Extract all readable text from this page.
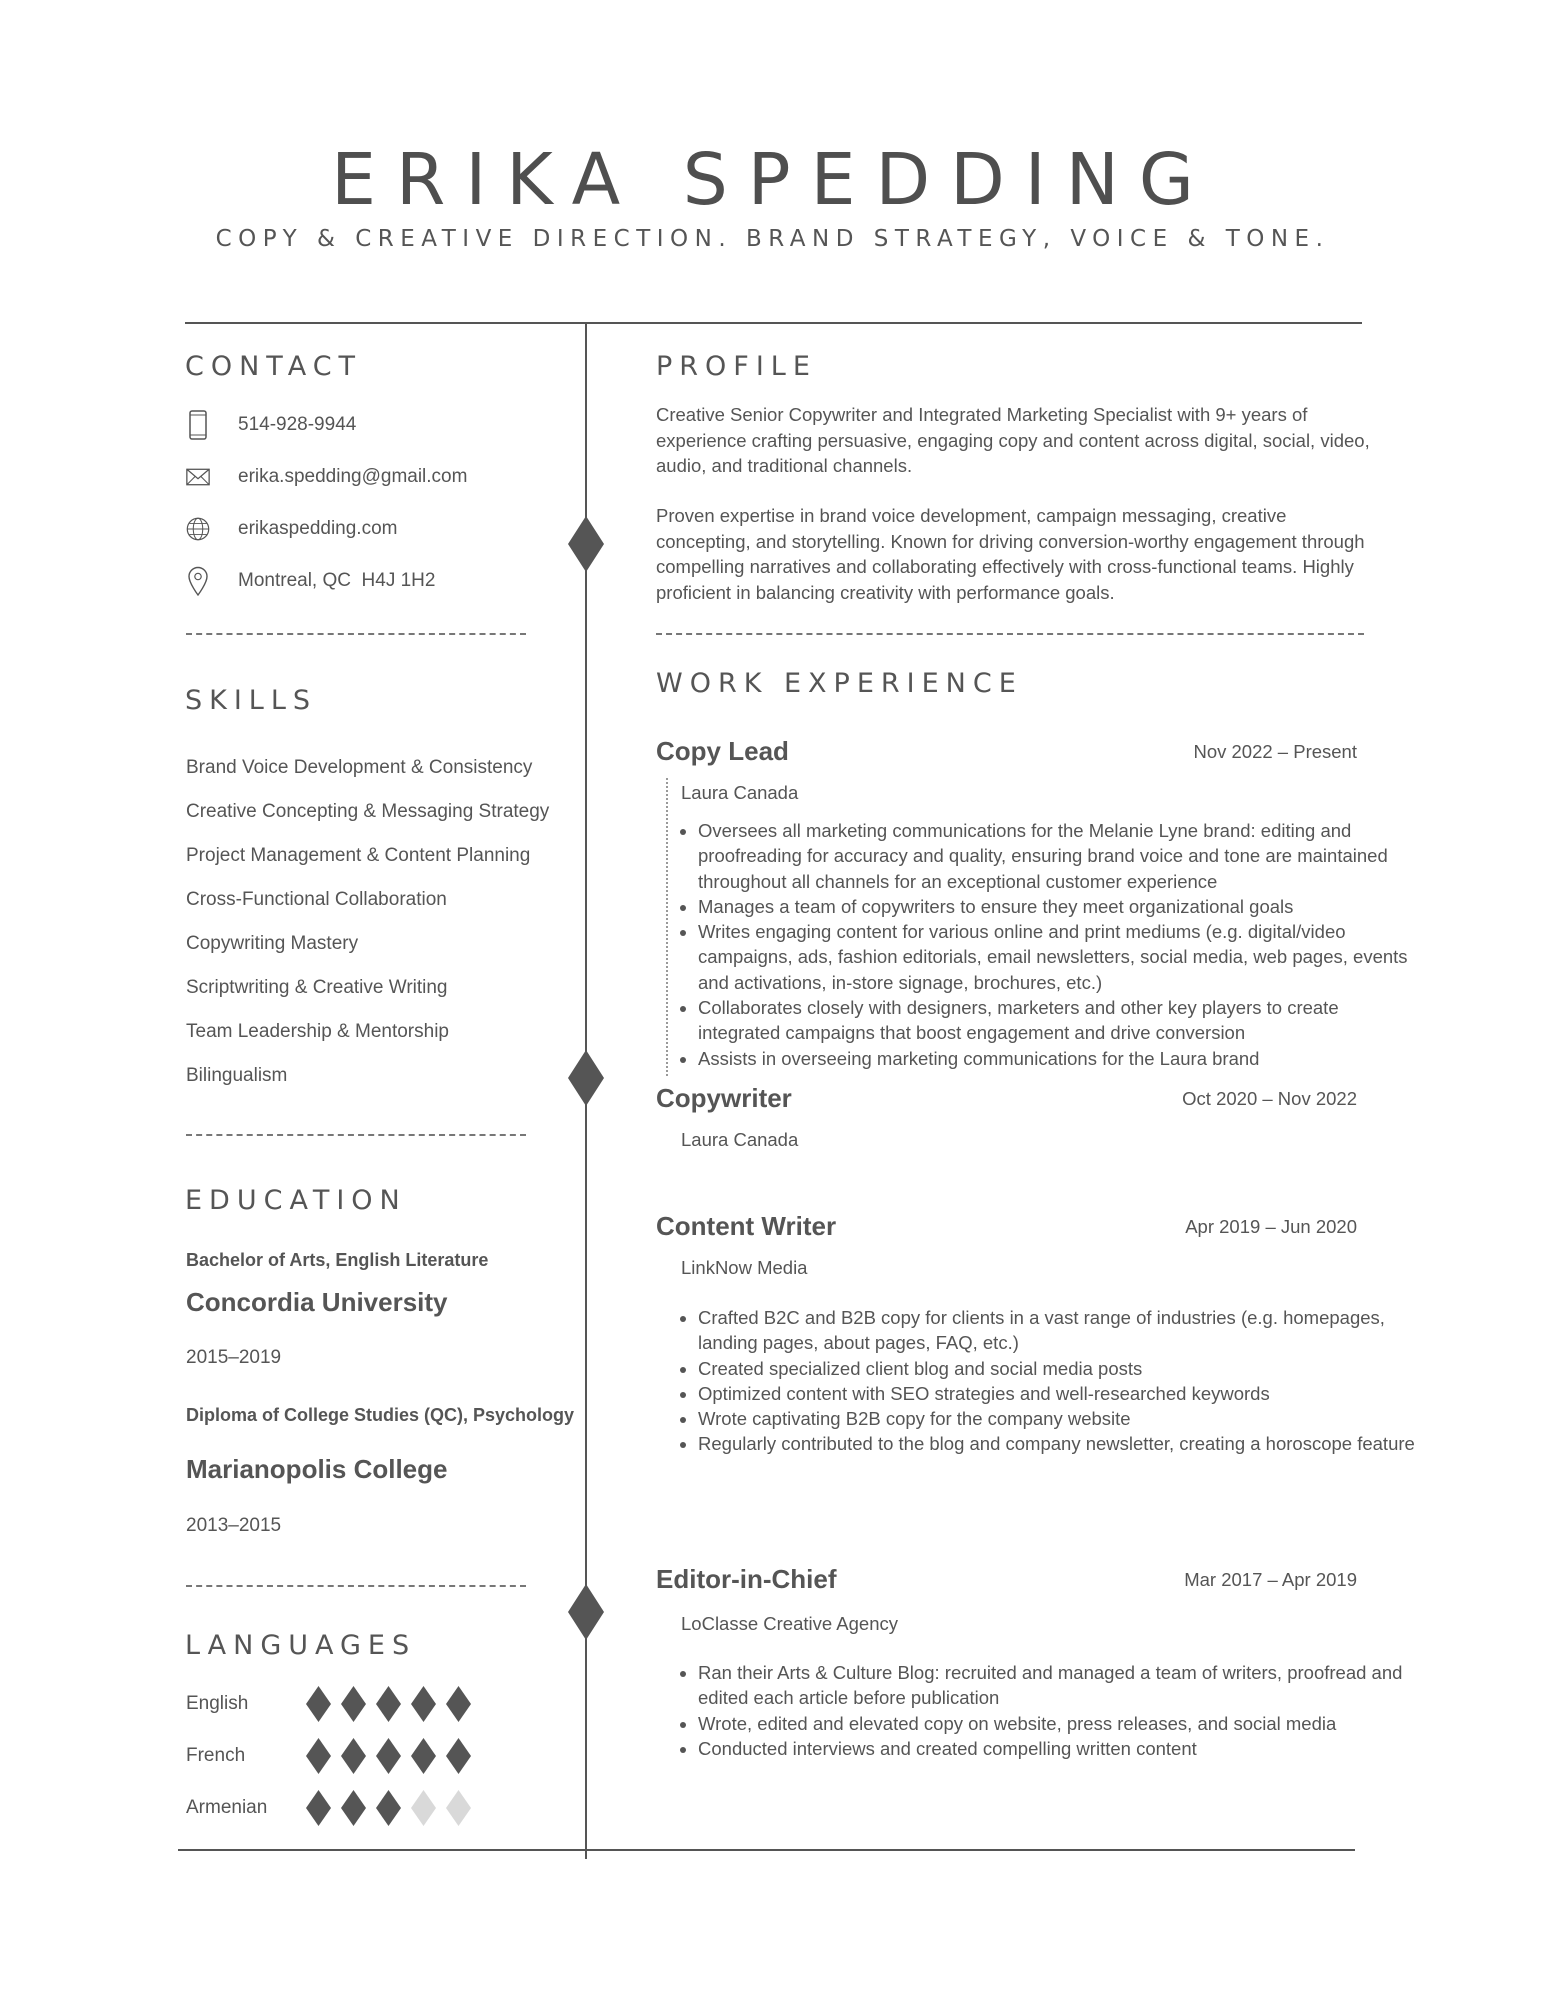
ERIKA SPEDDING
COPY & CREATIVE DIRECTION. BRAND STRATEGY, VOICE & TONE.
CONTACT
514-928-9944
erika.spedding@gmail.com
erikaspedding.com
Montreal, QC  H4J 1H2
SKILLS
Brand Voice Development & Consistency
Creative Concepting & Messaging Strategy
Project Management & Content Planning
Cross-Functional Collaboration
Copywriting Mastery
Scriptwriting & Creative Writing
Team Leadership & Mentorship
Bilingualism
EDUCATION
Bachelor of Arts, English Literature
Concordia University
2015–2019
Diploma of College Studies (QC), Psychology
Marianopolis College
2013–2015
LANGUAGES
English
French
Armenian
PROFILE
Creative Senior Copywriter and Integrated Marketing Specialist with 9+ years of experience crafting persuasive, engaging copy and content across digital, social, video, audio, and traditional channels.
Proven expertise in brand voice development, campaign messaging, creative concepting, and storytelling. Known for driving conversion-worthy engagement through compelling narratives and collaborating effectively with cross-functional teams. Highly proficient in balancing creativity with performance goals.
WORK EXPERIENCE
Copy Lead	Nov 2022 – Present
Laura Canada
• Oversees all marketing communications for the Melanie Lyne brand: editing and proofreading for accuracy and quality, ensuring brand voice and tone are maintained throughout all channels for an exceptional customer experience
• Manages a team of copywriters to ensure they meet organizational goals
• Writes engaging content for various online and print mediums (e.g. digital/video campaigns, ads, fashion editorials, email newsletters, social media, web pages, events and activations, in-store signage, brochures, etc.)
• Collaborates closely with designers, marketers and other key players to create integrated campaigns that boost engagement and drive conversion
• Assists in overseeing marketing communications for the Laura brand
Copywriter	Oct 2020 – Nov 2022
Laura Canada
Content Writer	Apr 2019 – Jun 2020
LinkNow Media
• Crafted B2C and B2B copy for clients in a vast range of industries (e.g. homepages, landing pages, about pages, FAQ, etc.)
• Created specialized client blog and social media posts
• Optimized content with SEO strategies and well-researched keywords
• Wrote captivating B2B copy for the company website
• Regularly contributed to the blog and company newsletter, creating a horoscope feature
Editor-in-Chief	Mar 2017 – Apr 2019
LoClasse Creative Agency
• Ran their Arts & Culture Blog: recruited and managed a team of writers, proofread and edited each article before publication
• Wrote, edited and elevated copy on website, press releases, and social media
• Conducted interviews and created compelling written content
